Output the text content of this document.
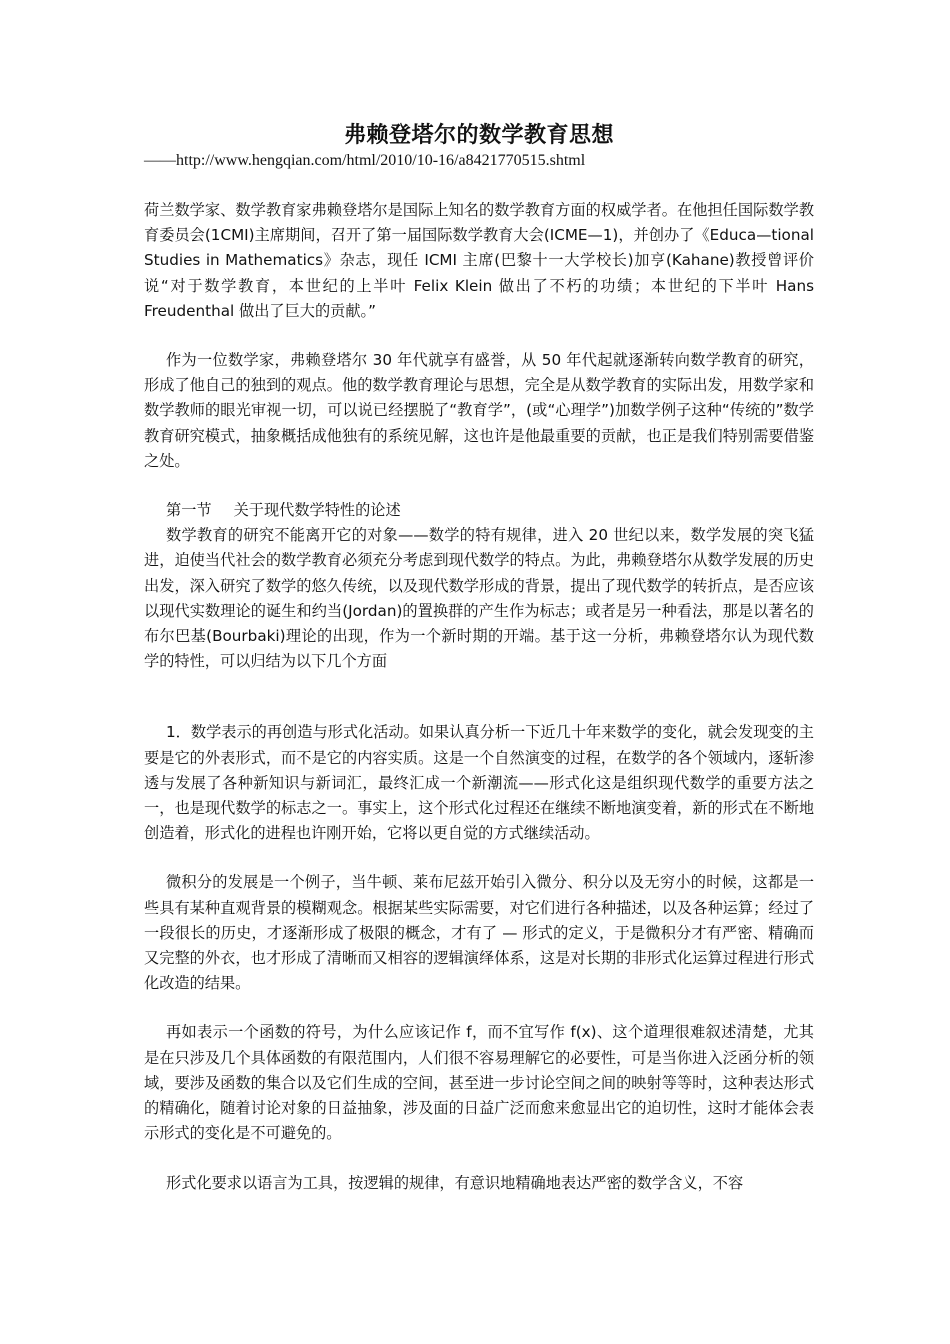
弗赖登塔尔的数学教育思想

——http://www.hengqian.com/html/2010/10-16/a8421770515.shtml

荷兰数学家、数学教育家弗赖登塔尔是国际上知名的数学教育方面的权威学者。在他担任国际数学教育委员会(1CMI)主席期间，召开了第一届国际数学教育大会(ICME—1)，并创办了《Educa—tional Studies in Mathematics》杂志，现任 ICMI 主席(巴黎十一大学校长)加亨(Kahane)教授曾评价说“对于数学教育，本世纪的上半叶 Felix Klein 做出了不朽的功绩；本世纪的下半叶 Hans Freudenthal 做出了巨大的贡献。”

作为一位数学家，弗赖登塔尔 30 年代就享有盛誉，从 50 年代起就逐渐转向数学教育的研究，形成了他自己的独到的观点。他的数学教育理论与思想，完全是从数学教育的实际出发，用数学家和数学教师的眼光审视一切，可以说已经摆脱了“教育学”，(或“心理学”)加数学例子这种“传统的”数学教育研究模式，抽象概括成他独有的系统见解，这也许是他最重要的贡献，也正是我们特别需要借鉴之处。

第一节 关于现代数学特性的论述

数学教育的研究不能离开它的对象——数学的特有规律，进入 20 世纪以来，数学发展的突飞猛进，迫使当代社会的数学教育必须充分考虑到现代数学的特点。为此，弗赖登塔尔从数学发展的历史出发，深入研究了数学的悠久传统，以及现代数学形成的背景，提出了现代数学的转折点，是否应该以现代实数理论的诞生和约当(Jordan)的置换群的产生作为标志；或者是另一种看法，那是以著名的布尔巴基(Bourbaki)理论的出现，作为一个新时期的开端。基于这一分析，弗赖登塔尔认为现代数学的特性，可以归结为以下几个方面

1．数学表示的再创造与形式化活动。如果认真分析一下近几十年来数学的变化，就会发现变的主要是它的外表形式，而不是它的内容实质。这是一个自然演变的过程，在数学的各个领域内，逐斩渗透与发展了各种新知识与新词汇，最终汇成一个新潮流——形式化这是组织现代数学的重要方法之一，也是现代数学的标志之一。事实上，这个形式化过程还在继续不断地演变着，新的形式在不断地创造着，形式化的进程也许刚开始，它将以更自觉的方式继续活动。

微积分的发展是一个例子，当牛顿、莱布尼兹开始引入微分、积分以及无穷小的时候，这都是一些具有某种直观背景的模糊观念。根据某些实际需要，对它们进行各种描述，以及各种运算；经过了一段很长的历史，才逐渐形成了极限的概念，才有了 — 形式的定义，于是微积分才有严密、精确而又完整的外衣，也才形成了清晰而又相容的逻辑演绎体系，这是对长期的非形式化运算过程进行形式化改造的结果。

再如表示一个函数的符号，为什么应该记作 f，而不宜写作 f(x)、这个道理很难叙述清楚，尤其是在只涉及几个具体函数的有限范围内，人们很不容易理解它的必要性，可是当你进入泛函分析的领域，要涉及函数的集合以及它们生成的空间，甚至进一步讨论空间之间的映射等等时，这种表达形式的精确化，随着讨论对象的日益抽象，涉及面的日益广泛而愈来愈显出它的迫切性，这时才能体会表示形式的变化是不可避免的。

形式化要求以语言为工具，按逻辑的规律，有意识地精确地表达严密的数学含义，不容
